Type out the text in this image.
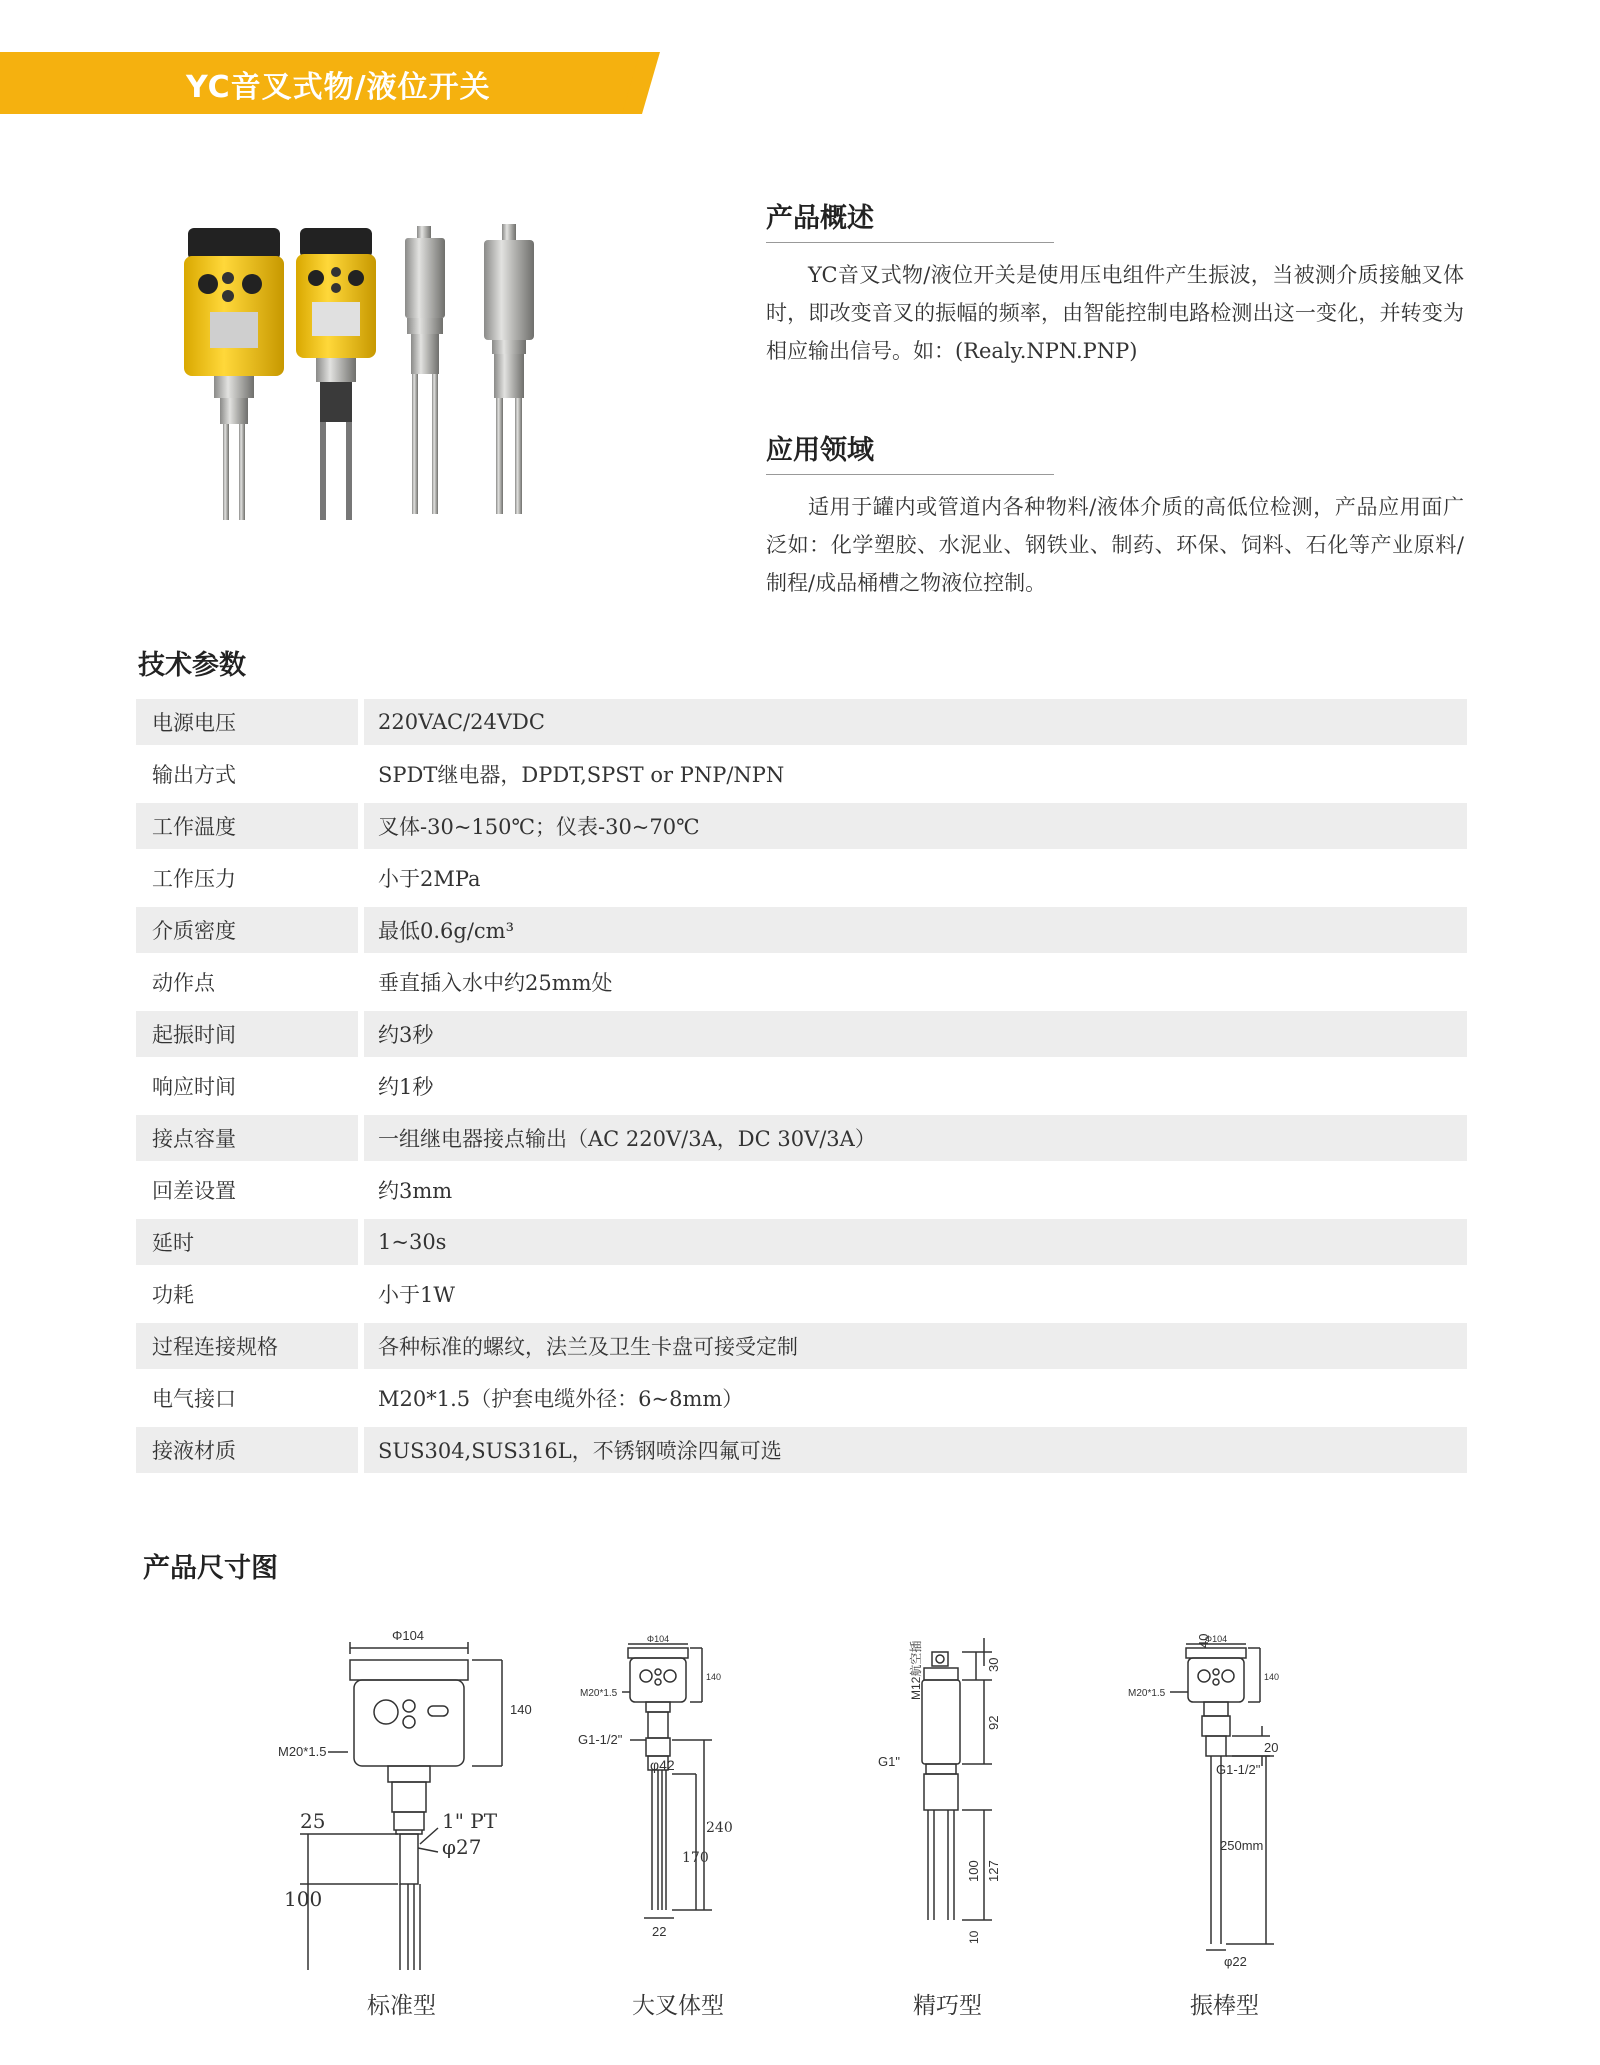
YC音叉式物/液位开关
产品概述
YC音叉式物/液位开关是使用压电组件产生振波，当被测介质接触叉体时，即改变音叉的振幅的频率，由智能控制电路检测出这一变化，并转变为相应输出信号。如：(Realy.NPN.PNP)
应用领域
适用于罐内或管道内各种物料/液体介质的高低位检测，产品应用面广泛如：化学塑胶、水泥业、钢铁业、制药、环保、饲料、石化等产业原料/制程/成品桶槽之物液位控制。
技术参数
电源电压		220VAC/24VDC
输出方式		SPDT继电器，DPDT,SPST or PNP/NPN
工作温度		叉体-30~150℃；仪表-30~70℃
工作压力		小于2MPa
介质密度		最低0.6g/cm³
动作点		垂直插入水中约25mm处
起振时间		约3秒
响应时间		约1秒
接点容量		一组继电器接点输出（AC 220V/3A，DC 30V/3A）
回差设置		约3mm
延时		1~30s
功耗		小于1W
过程连接规格		各种标准的螺纹，法兰及卫生卡盘可接受定制
电气接口		M20*1.5（护套电缆外径：6~8mm）
接液材质		SUS304,SUS316L，不锈钢喷涂四氟可选
产品尺寸图
Φ104
140
M20*1.5
1" PT
φ27
25
100
Φ104
140
M20*1.5
G1-1/2"
φ42
240
170
22
40
30
92
127
100
10
M12航空插
G1"
Φ104
140
M20*1.5
20
G1-1/2"
250mm
φ22
标准型	大叉体型	精巧型	振棒型
